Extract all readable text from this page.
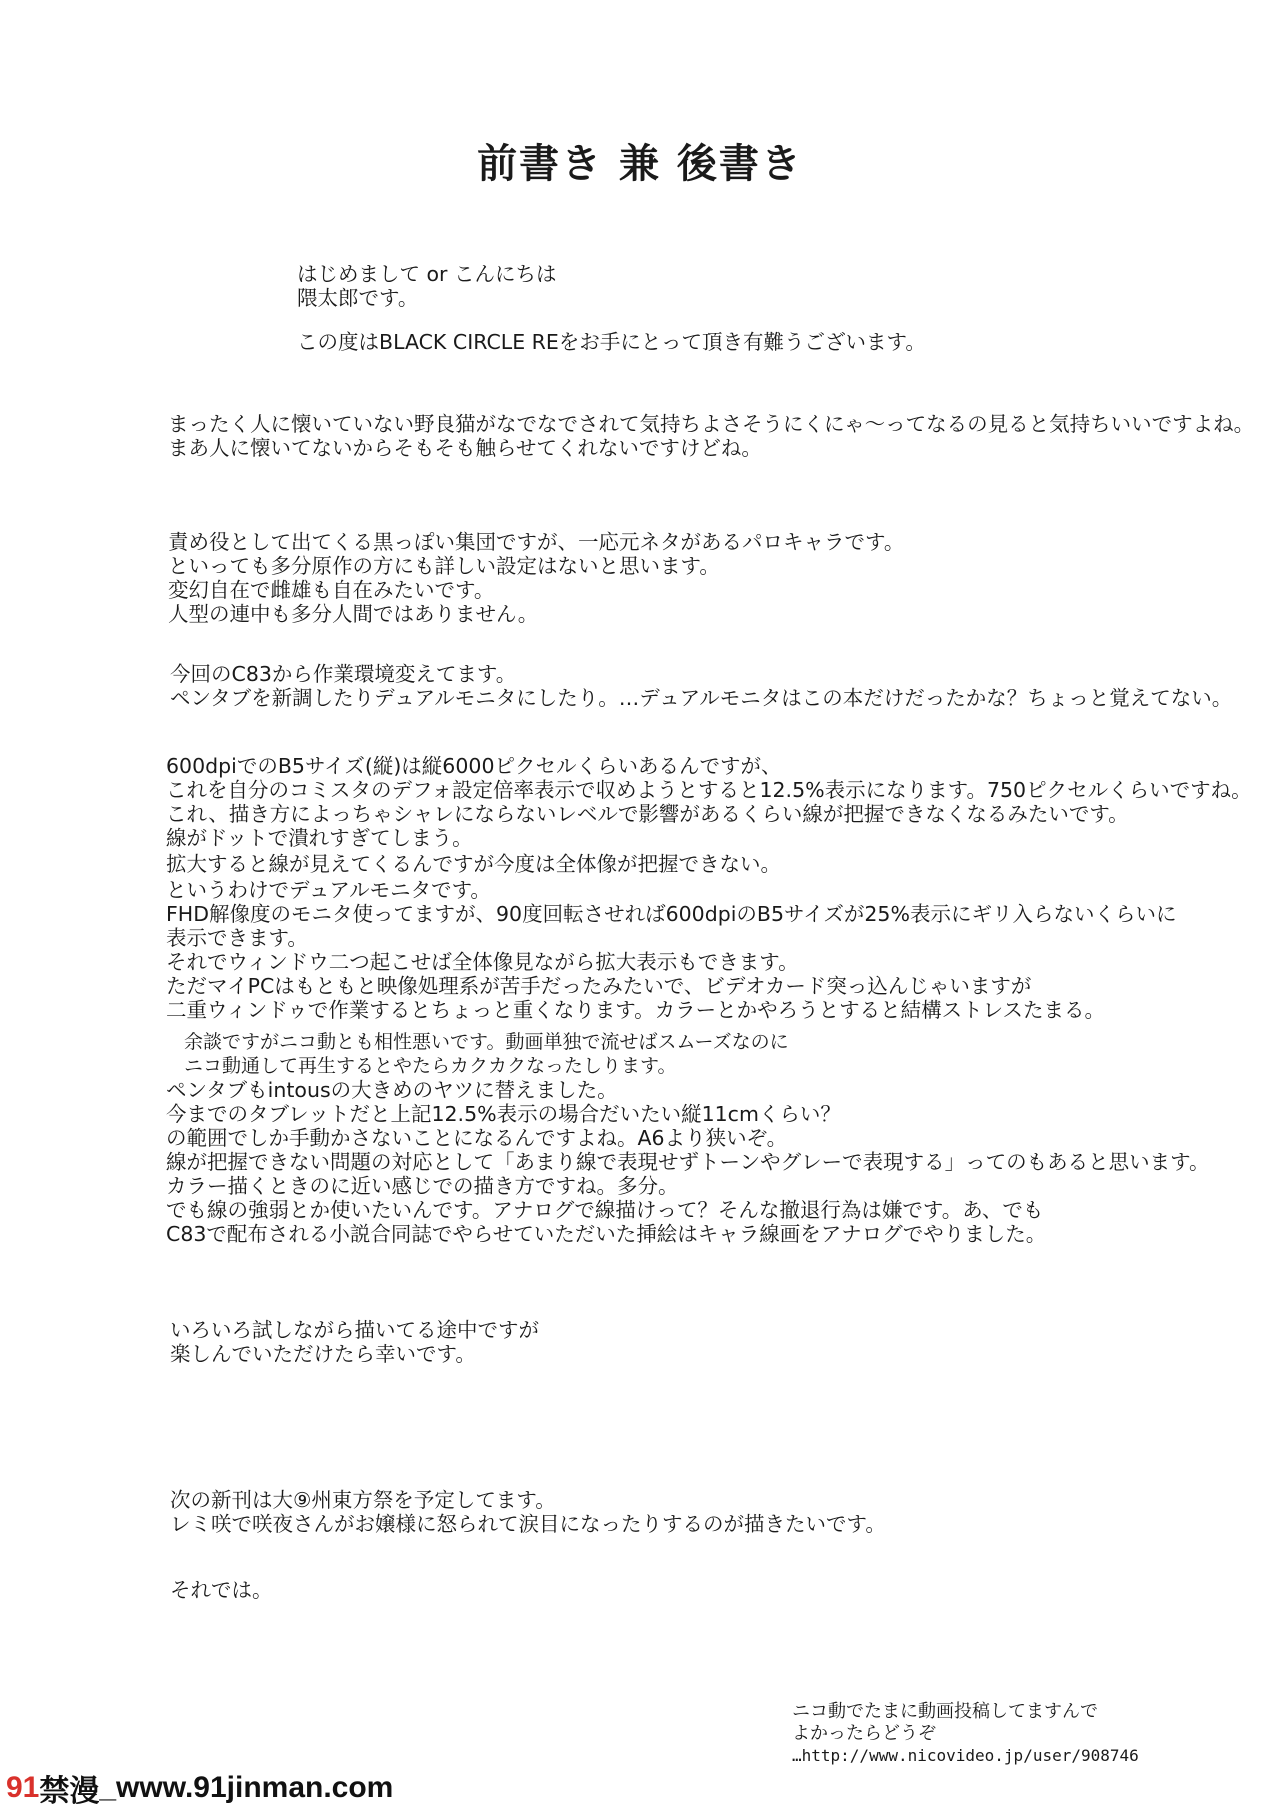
前書き 兼 後書き
はじめまして or こんにちは
隈太郎です。
この度はBLACK CIRCLE REをお手にとって頂き有難うございます。
まったく人に懐いていない野良猫がなでなでされて気持ちよさそうにくにゃ～ってなるの見ると気持ちいいですよね。
まあ人に懐いてないからそもそも触らせてくれないですけどね。
責め役として出てくる黒っぽい集団ですが、一応元ネタがあるパロキャラです。
といっても多分原作の方にも詳しい設定はないと思います。
変幻自在で雌雄も自在みたいです。
人型の連中も多分人間ではありません。
今回のC83から作業環境変えてます。
ペンタブを新調したりデュアルモニタにしたり。…デュアルモニタはこの本だけだったかな？ちょっと覚えてない。
600dpiでのB5サイズ(縦)は縦6000ピクセルくらいあるんですが、
これを自分のコミスタのデフォ設定倍率表示で収めようとすると12.5%表示になります。750ピクセルくらいですね。
これ、描き方によっちゃシャレにならないレベルで影響があるくらい線が把握できなくなるみたいです。
線がドットで潰れすぎてしまう。
拡大すると線が見えてくるんですが今度は全体像が把握できない。
というわけでデュアルモニタです。
FHD解像度のモニタ使ってますが、90度回転させれば600dpiのB5サイズが25%表示にギリ入らないくらいに
表示できます。
それでウィンドウ二つ起こせば全体像見ながら拡大表示もできます。
ただマイPCはもともと映像処理系が苦手だったみたいで、ビデオカード突っ込んじゃいますが
二重ウィンドゥで作業するとちょっと重くなります。カラーとかやろうとすると結構ストレスたまる。
余談ですがニコ動とも相性悪いです。動画単独で流せばスムーズなのに
ニコ動通して再生するとやたらカクカクなったしります。
ペンタブもintousの大きめのヤツに替えました。
今までのタブレットだと上記12.5%表示の場合だいたい縦11cmくらい？
の範囲でしか手動かさないことになるんですよね。A6より狭いぞ。
線が把握できない問題の対応として「あまり線で表現せずトーンやグレーで表現する」ってのもあると思います。
カラー描くときのに近い感じでの描き方ですね。多分。
でも線の強弱とか使いたいんです。アナログで線描けって？そんな撤退行為は嫌です。あ、でも
C83で配布される小説合同誌でやらせていただいた挿絵はキャラ線画をアナログでやりました。
いろいろ試しながら描いてる途中ですが
楽しんでいただけたら幸いです。
次の新刊は大⑨州東方祭を予定してます。
レミ咲で咲夜さんがお嬢様に怒られて涙目になったりするのが描きたいです。
それでは。
ニコ動でたまに動画投稿してますんで
よかったらどうぞ
…http://www.nicovideo.jp/user/908746
91 禁漫 _www.91jinman.com
